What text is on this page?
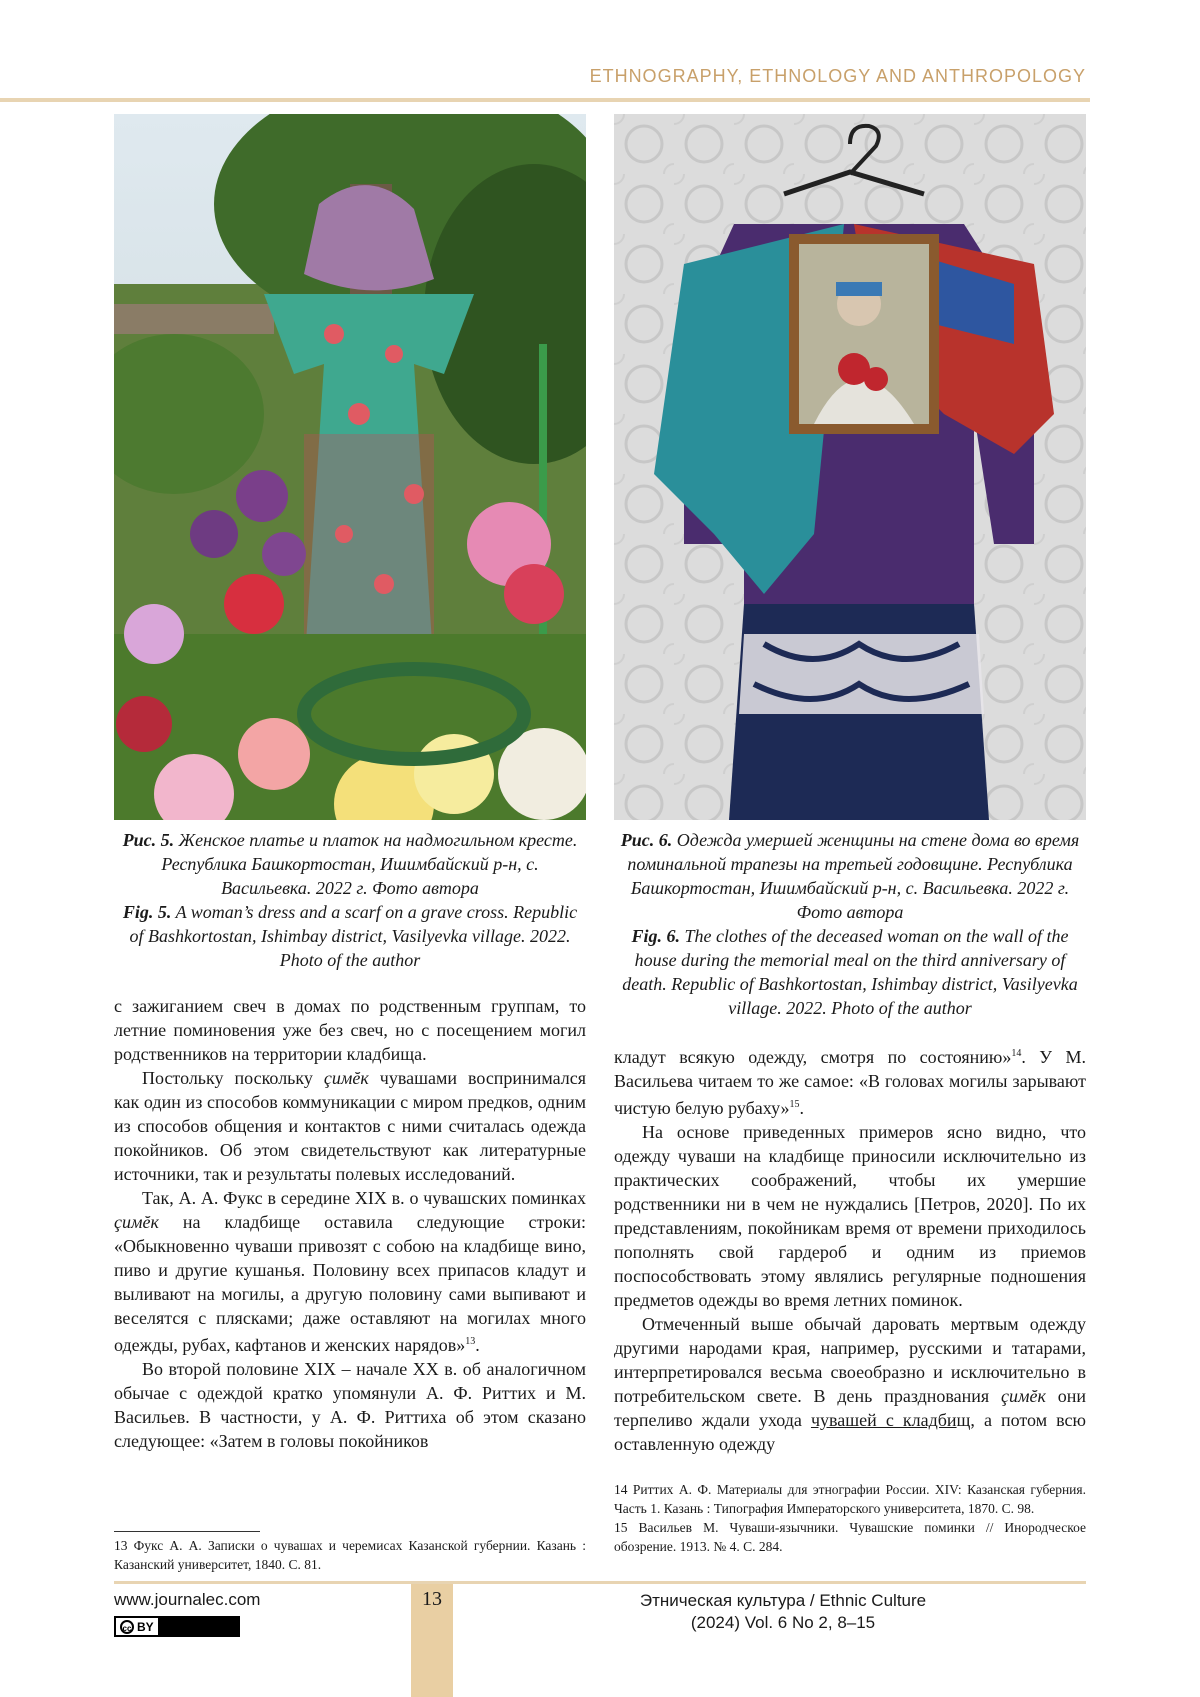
ETHNOGRAPHY, ETHNOLOGY AND ANTHROPOLOGY

Рис. 5. Женское платье и платок на надмогильном кресте. Республика Башкортостан, Ишимбайский р-н, с. Васильевка. 2022 г. Фото автора

Fig. 5. A woman’s dress and a scarf on a grave cross. Republic of Bashkortostan, Ishimbay district, Vasilyevka village. 2022. Photo of the author

Рис. 6. Одежда умершей женщины на стене дома во время поминальной трапезы на третьей годовщине. Республика Башкортостан, Ишимбайский р-н, с. Васильевка. 2022 г. Фото автора

Fig. 6. The clothes of the deceased woman on the wall of the house during the memorial meal on the third anniversary of death. Republic of Bashkortostan, Ishimbay district, Vasilyevka village. 2022. Photo of the author

с зажиганием свеч в домах по родственным группам, то летние поминовения уже без свеч, но с посещением могил родственников на территории кладбища.

Постольку поскольку çимĕк чувашами воспринимался как один из способов коммуникации с миром предков, одним из способов общения и контактов с ними считалась одежда покойников. Об этом свидетельствуют как литературные источники, так и результаты полевых исследований.

Так, А. А. Фукс в середине XIX в. о чувашских поминках çимĕк на кладбище оставила следующие строки: «Обыкновенно чуваши привозят с собою на кладбище вино, пиво и другие кушанья. Половину всех припасов кладут и выливают на могилы, а другую половину сами выпивают и веселятся с плясками; даже оставляют на могилах много одежды, рубах, кафтанов и женских нарядов»$^{13}$.

Во второй половине XIX – начале XX в. об аналогичном обычае с одеждой кратко упомянули А. Ф. Риттих и М. Васильев. В частности, у А. Ф. Риттиха об этом сказано следующее: «Затем в головы покойников

кладут всякую одежду, смотря по состоянию»$^{14}$. У М. Васильева читаем то же самое: «В головах могилы зарывают чистую белую рубаху»$^{15}$.

На основе приведенных примеров ясно видно, что одежду чуваши на кладбище приносили исключительно из практических соображений, чтобы их умершие родственники ни в чем не нуждались [Петров, 2020]. По их представлениям, покойникам время от времени приходилось пополнять свой гардероб и одним из приемов поспособствовать этому являлись регулярные подношения предметов одежды во время летних поминок.

Отмеченный выше обычай даровать мертвым одежду другими народами края, например, русскими и татарами, интерпретировался весьма своеобразно и исключительно в потребительском свете. В день празднования çимĕк они терпеливо ждали ухода чувашей с кладбищ, а потом всю оставленную одежду

14 Риттих А. Ф. Материалы для этнографии России. XIV: Казанская губерния. Часть 1. Казань : Типография Императорского университета, 1870. С. 98.

15 Васильев М. Чуваши-язычники. Чувашские поминки // Инородческое обозрение. 1913. № 4. С. 284.

13 Фукс А. А. Записки о чувашах и черемисах Казанской губернии. Казань : Казанский университет, 1840. С. 81.

13
www.journalec.com
cc BY
Этническая культура / Ethnic Culture
(2024) Vol. 6 No 2, 8–15
